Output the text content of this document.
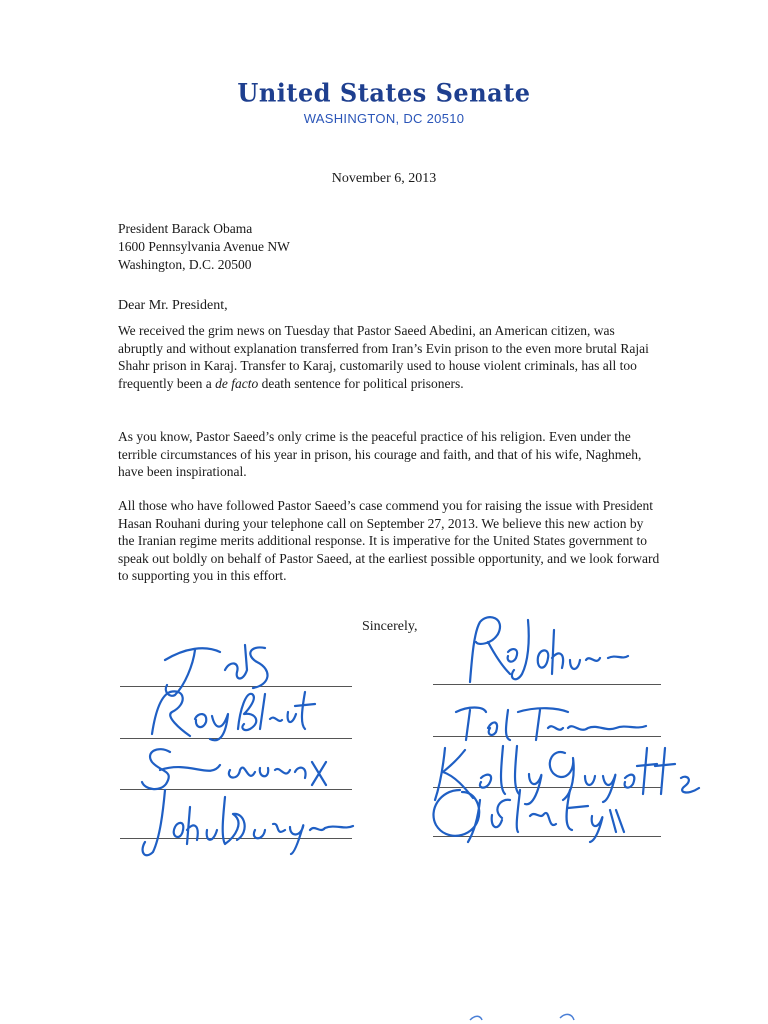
United States Senate
WASHINGTON, DC 20510
November 6, 2013
President Barack Obama
1600 Pennsylvania Avenue NW
Washington, D.C. 20500
Dear Mr. President,

We received the grim news on Tuesday that Pastor Saeed Abedini, an American citizen, was abruptly and without explanation transferred from Iran’s Evin prison to the even more brutal Rajai Shahr prison in Karaj. Transfer to Karaj, customarily used to house violent criminals, has all too frequently been a de facto death sentence for political prisoners.

As you know, Pastor Saeed’s only crime is the peaceful practice of his religion. Even under the terrible circumstances of his year in prison, his courage and faith, and that of his wife, Naghmeh, have been inspirational.

All those who have followed Pastor Saeed’s case commend you for raising the issue with President Hasan Rouhani during your telephone call on September 27, 2013. We believe this new action by the Iranian regime merits additional response. It is imperative for the United States government to speak out boldly on behalf of Pastor Saeed, at the earliest possible opportunity, and we look forward to supporting you in this effort.

Sincerely,
